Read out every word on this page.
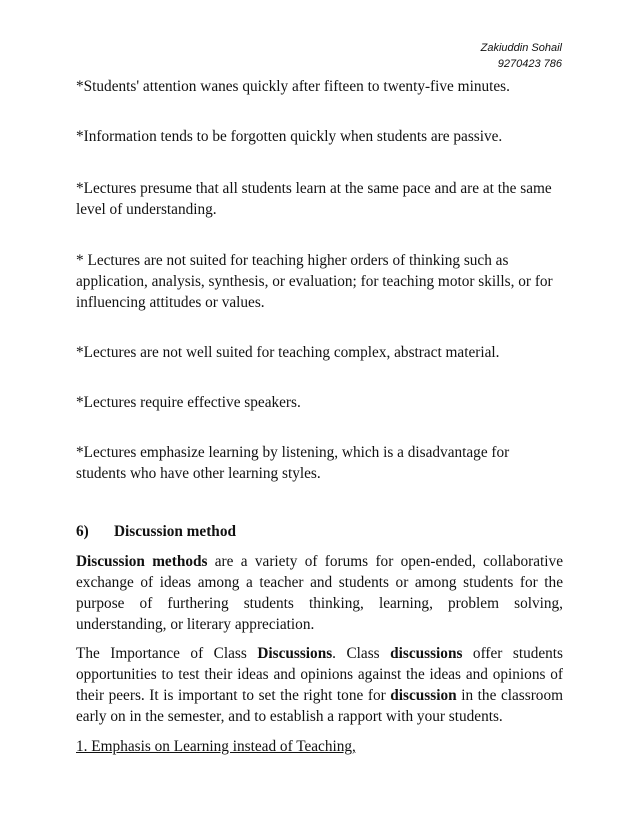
Zakiuddin Sohail
9270423 786

*Students' attention wanes quickly after fifteen to twenty-five minutes.

*Information tends to be forgotten quickly when students are passive.

*Lectures presume that all students learn at the same pace and are at the same level of understanding.

* Lectures are not suited for teaching higher orders of thinking such as application, analysis, synthesis, or evaluation; for teaching motor skills, or for influencing attitudes or values.

*Lectures are not well suited for teaching complex, abstract material.

*Lectures require effective speakers.

*Lectures emphasize learning by listening, which is a disadvantage for students who have other learning styles.

6) Discussion method

Discussion methods are a variety of forums for open-ended, collaborative exchange of ideas among a teacher and students or among students for the purpose of furthering students thinking, learning, problem solving, understanding, or literary appreciation.

The Importance of Class Discussions. Class discussions offer students opportunities to test their ideas and opinions against the ideas and opinions of their peers. It is important to set the right tone for discussion in the classroom early on in the semester, and to establish a rapport with your students.

1. Emphasis on Learning instead of Teaching,
